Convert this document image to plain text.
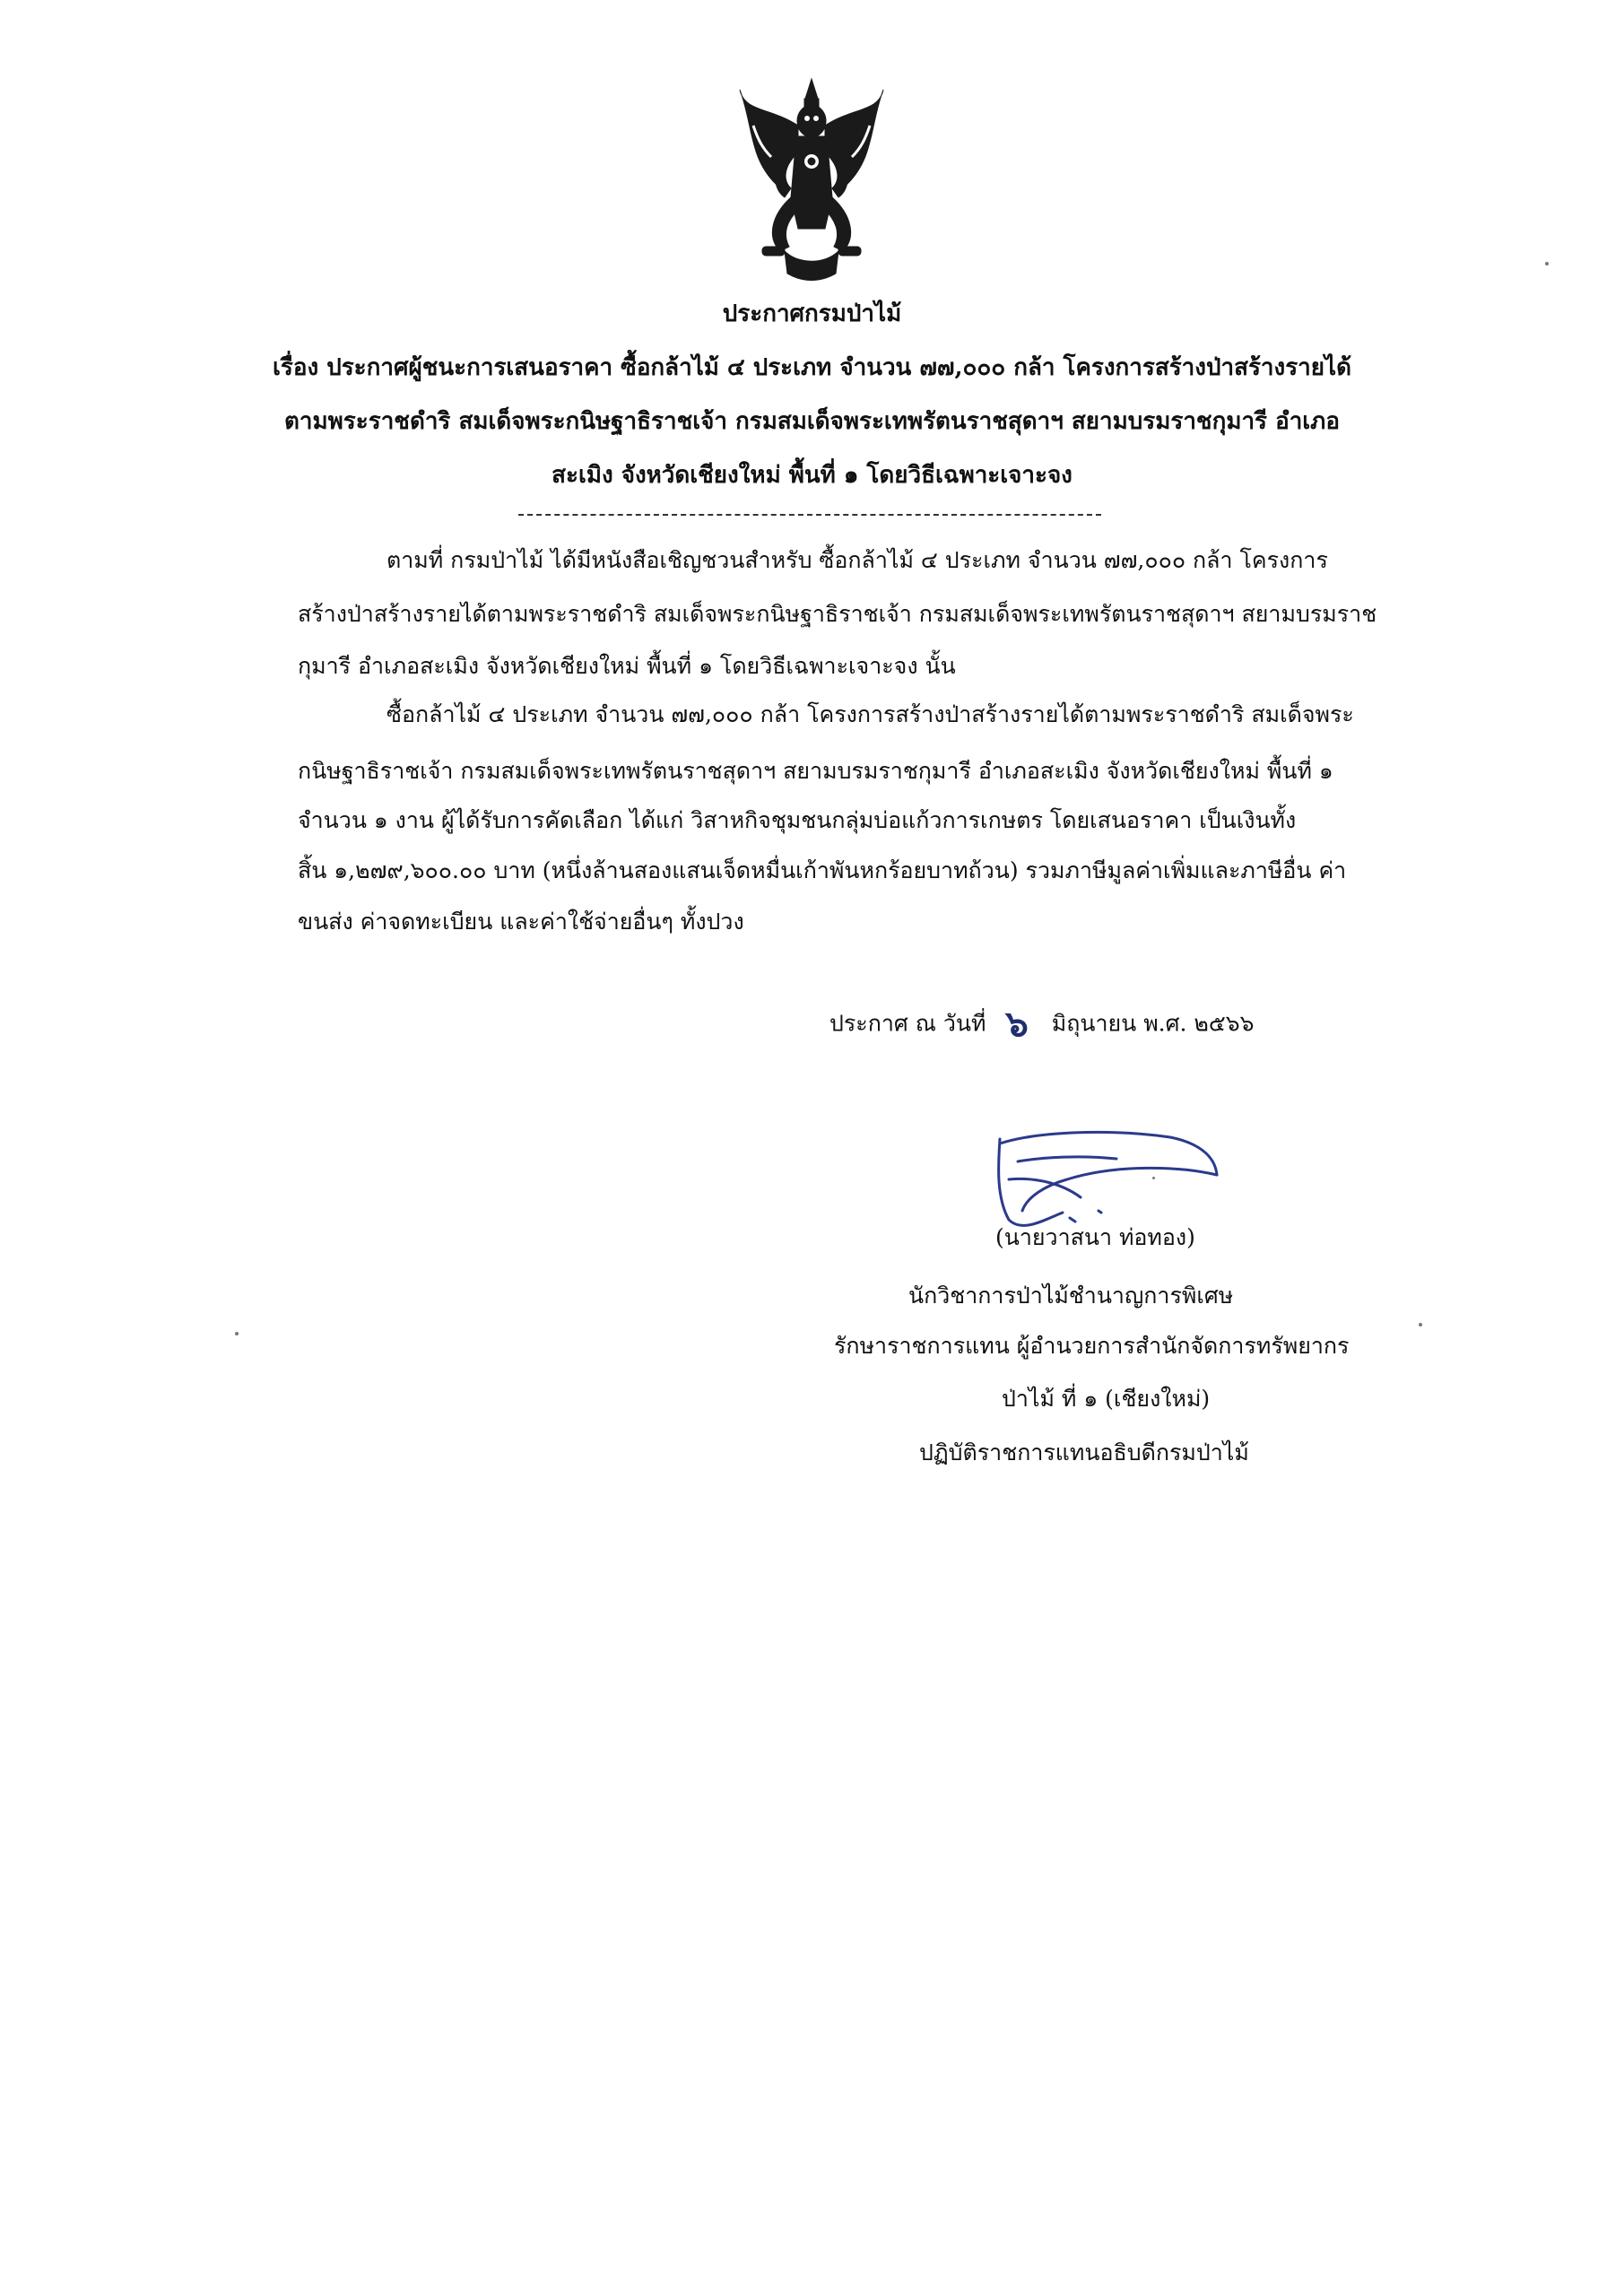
ประกาศกรมป่าไม้
เรื่อง ประกาศผู้ชนะการเสนอราคา ซื้อกล้าไม้ ๔ ประเภท จำนวน ๗๗,๐๐๐ กล้า โครงการสร้างป่าสร้างรายได้
ตามพระราชดำริ สมเด็จพระกนิษฐาธิราชเจ้า กรมสมเด็จพระเทพรัตนราชสุดาฯ สยามบรมราชกุมารี อำเภอ
สะเมิง จังหวัดเชียงใหม่ พื้นที่ ๑ โดยวิธีเฉพาะเจาะจง
ตามที่ กรมป่าไม้ ได้มีหนังสือเชิญชวนสำหรับ ซื้อกล้าไม้ ๔ ประเภท จำนวน ๗๗,๐๐๐ กล้า โครงการ
สร้างป่าสร้างรายได้ตามพระราชดำริ สมเด็จพระกนิษฐาธิราชเจ้า กรมสมเด็จพระเทพรัตนราชสุดาฯ สยามบรมราช
กุมารี อำเภอสะเมิง จังหวัดเชียงใหม่ พื้นที่ ๑ โดยวิธีเฉพาะเจาะจง นั้น
ซื้อกล้าไม้ ๔ ประเภท จำนวน ๗๗,๐๐๐ กล้า โครงการสร้างป่าสร้างรายได้ตามพระราชดำริ สมเด็จพระ
กนิษฐาธิราชเจ้า กรมสมเด็จพระเทพรัตนราชสุดาฯ สยามบรมราชกุมารี อำเภอสะเมิง จังหวัดเชียงใหม่ พื้นที่ ๑
จำนวน ๑ งาน ผู้ได้รับการคัดเลือก ได้แก่ วิสาหกิจชุมชนกลุ่มบ่อแก้วการเกษตร โดยเสนอราคา เป็นเงินทั้ง
สิ้น ๑,๒๗๙,๖๐๐.๐๐ บาท (หนึ่งล้านสองแสนเจ็ดหมื่นเก้าพันหกร้อยบาทถ้วน) รวมภาษีมูลค่าเพิ่มและภาษีอื่น ค่า
ขนส่ง ค่าจดทะเบียน และค่าใช้จ่ายอื่นๆ ทั้งปวง
ประกาศ ณ วันที่ ๖ มิถุนายน พ.ศ. ๒๕๖๖
(นายวาสนา ท่อทอง)
นักวิชาการป่าไม้ชำนาญการพิเศษ
รักษาราชการแทน ผู้อำนวยการสำนักจัดการทรัพยากร
ป่าไม้ ที่ ๑ (เชียงใหม่)
ปฏิบัติราชการแทนอธิบดีกรมป่าไม้
